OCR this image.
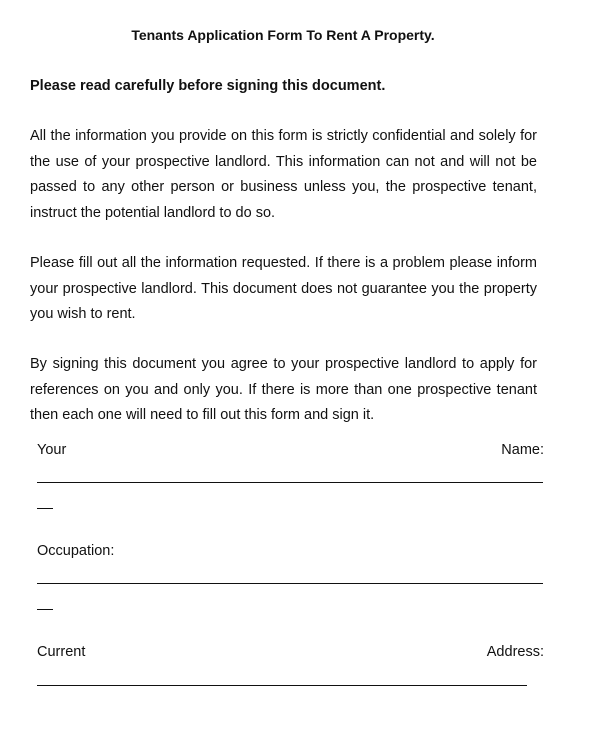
Tenants Application Form To Rent A Property.

Please read carefully before signing this document.

All the information you provide on this form is strictly confidential and solely for the use of your prospective landlord. This information can not and will not be passed to any other person or business unless you, the prospective tenant, instruct the potential landlord to do so.

Please fill out all the information requested. If there is a problem please inform your prospective landlord. This document does not guarantee you the property you wish to rent.

By signing this document you agree to your prospective landlord to apply for references on you and only you. If there is more than one prospective tenant then each one will need to fill out this form and sign it.

Your	Name:
Occupation:
Current	Address:
